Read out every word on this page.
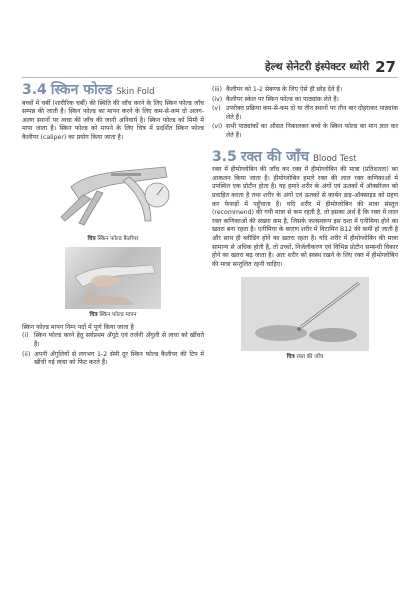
हेल्थ सेनेटरी इंस्पेक्टर थ्योरी 27
3.4 स्किन फोल्ड Skin Fold

बच्चों में चर्बी (शारीरिक चर्बी) की स्थिति की जाँच करने के लिए स्किन फोल्ड जाँच सम्पन्न की जाती है। स्किन फोल्ड का मापन करने के लिए कम-से-कम दो अलग-अलग स्थानों पर त्वचा की जाँच की जानी अनिवार्य है। स्किन फोल्ड को मिमी में मापा जाता है। स्किन फोल्ड को मापने के लिए चित्र में प्रदर्शित स्किन फोल्ड कैलीपर (caliper) का प्रयोग किया जाता है।

चित्र स्किन फोल्ड कैलीपर
चित्र स्किन फोल्ड मापन

स्किन फोल्ड मापन निम्न पदों में पूर्ण किया जाता है

(i) स्किन फोल्ड करने हेतु सर्वप्रथम अँगूठे एवं तर्जनी अँगुली से त्वचा को खींचते हैं।
(ii) अपनी अँगुलियों से लगभग 1-2 सेमी दूर स्किन फोल्ड कैलीपर की टिप में खींची गई त्वचा को फिट करते हैं।
(iii) कैलीपर को 1-2 सेकण्ड के लिए ऐसे ही छोड़ देते हैं।
(iv) कैलीपर स्केल पर स्किन फोल्ड का पाठ्यांक लेते हैं।
(v) उपरोक्त प्रक्रिया कम-से-कम दो या तीन स्थानों पर तीन बार दोहराकर पाठ्यांक लेते हैं।
(vi) सभी पाठ्यांकों का औसत निकालकर बच्चे के स्किन फोल्ड का मान ज्ञात कर लेते हैं।
3.5 रक्त की जाँच Blood Test

रक्त में हीमोग्लोबिन की जाँच कर रक्त में हीमोग्लोबिन की मात्रा (प्रतिशतता) का आकलन किया जाता है। हीमोग्लोबिन हमारे रक्त की लाल रक्त कणिकाओं में उपस्थित एक प्रोटीन होता है। यह हमारे शरीर के अंगों एवं ऊतकों में ऑक्सीजन को प्रवाहित करता है तथा शरीर के अंगों एवं ऊतकों से कार्बन डाइ-ऑक्साइड को ग्रहण कर फेफड़ों में पहुँचाता है। यदि शरीर में हीमोग्लोबिन की मात्रा संस्तुत (recommend) की गयी मात्रा से कम रहती है, तो इसका अर्थ है कि रक्त में लाल रक्त कणिकाओं की संख्या कम है, जिसके फलस्वरूप इस दशा में एनीमिया होने का खतरा बना रहता है। एनीमिया के कारण शरीर में विटामिन B12 की कमी हो जाती है और साथ ही ब्लीडिंग होने का खतरा रहता है। यदि शरीर में हीमोग्लोबिन की मात्रा सामान्य से अधिक होती है, तो उच्चों, निर्जलीकरण एवं विभिन्न प्रोटीन सम्बन्धी विकार होने का खतरा बढ़ जाता है। अतः शरीर को स्वस्थ रखने के लिए रक्त में हीमोग्लोबिन की मात्रा सन्तुलित रहनी चाहिए।

चित्र रक्त की जाँच
